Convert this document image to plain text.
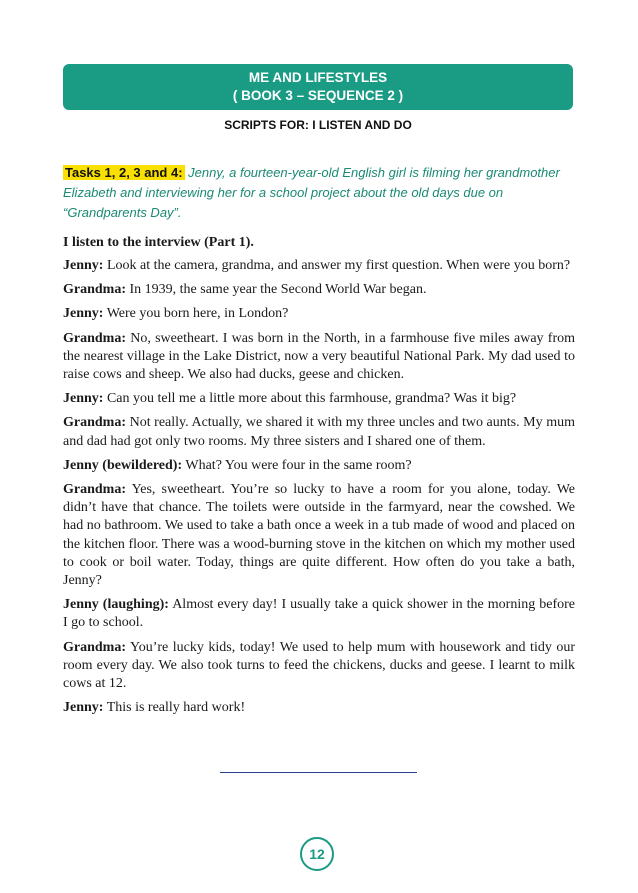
ME AND LIFESTYLES
( BOOK 3 – SEQUENCE 2 )
SCRIPTS FOR: I LISTEN AND DO

Tasks 1, 2, 3 and 4: Jenny, a fourteen-year-old English girl is filming her grandmother Elizabeth and interviewing her for a school project about the old days due on “Grandparents Day”.

I listen to the interview (Part 1).

Jenny: Look at the camera, grandma, and answer my first question. When were you born?

Grandma: In 1939, the same year the Second World War began.

Jenny: Were you born here, in London?

Grandma: No, sweetheart. I was born in the North, in a farmhouse five miles away from the nearest village in the Lake District, now a very beautiful National Park. My dad used to raise cows and sheep. We also had ducks, geese and chicken.

Jenny: Can you tell me a little more about this farmhouse, grandma? Was it big?

Grandma: Not really. Actually, we shared it with my three uncles and two aunts. My mum and dad had got only two rooms. My three sisters and I shared one of them.

Jenny (bewildered): What? You were four in the same room?

Grandma: Yes, sweetheart. You’re so lucky to have a room for you alone, today. We didn’t have that chance. The toilets were outside in the farmyard, near the cowshed. We had no bathroom. We used to take a bath once a week in a tub made of wood and placed on the kitchen floor. There was a wood-burning stove in the kitchen on which my mother used to cook or boil water. Today, things are quite different. How often do you take a bath, Jenny?

Jenny (laughing): Almost every day! I usually take a quick shower in the morning before I go to school.

Grandma: You’re lucky kids, today! We used to help mum with housework and tidy our room every day. We also took turns to feed the chickens, ducks and geese. I learnt to milk cows at 12.

Jenny: This is really hard work!

12
